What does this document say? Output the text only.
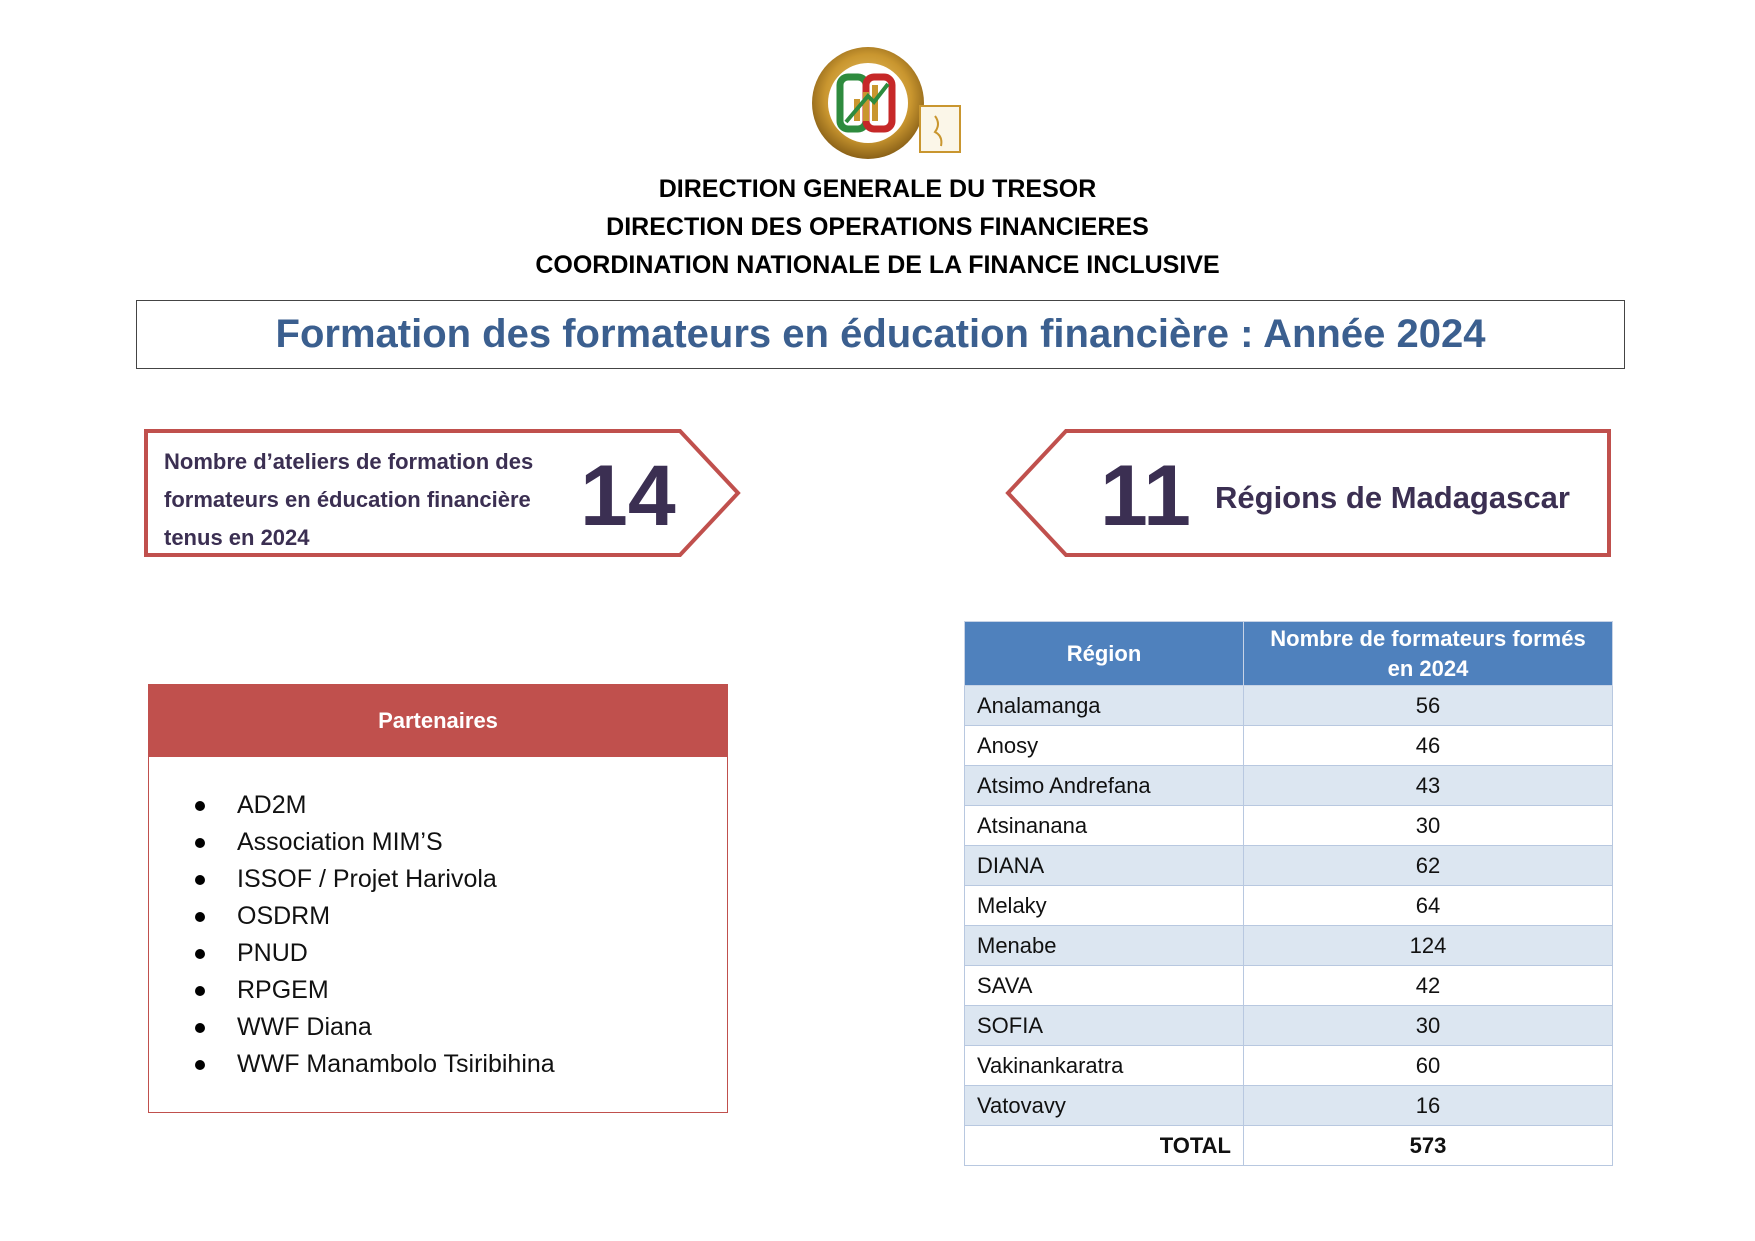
DIRECTION GENERALE DU TRESOR
DIRECTION DES OPERATIONS FINANCIERES
COORDINATION NATIONALE DE LA FINANCE INCLUSIVE
Formation des formateurs en éducation financière : Année 2024
Nombre d’ateliers de formation des formateurs en éducation financière tenus en 2024	14	11 Régions de Madagascar
Partenaires
AD2M
Association MIM’S
ISSOF / Projet Harivola
OSDRM
PNUD
RPGEM
WWF Diana
WWF Manambolo Tsiribihina
Région	Nombre de formateurs formés en 2024
Analamanga	56
Anosy	46
Atsimo Andrefana	43
Atsinanana	30
DIANA	62
Melaky	64
Menabe	124
SAVA	42
SOFIA	30
Vakinankaratra	60
Vatovavy	16
TOTAL	573
